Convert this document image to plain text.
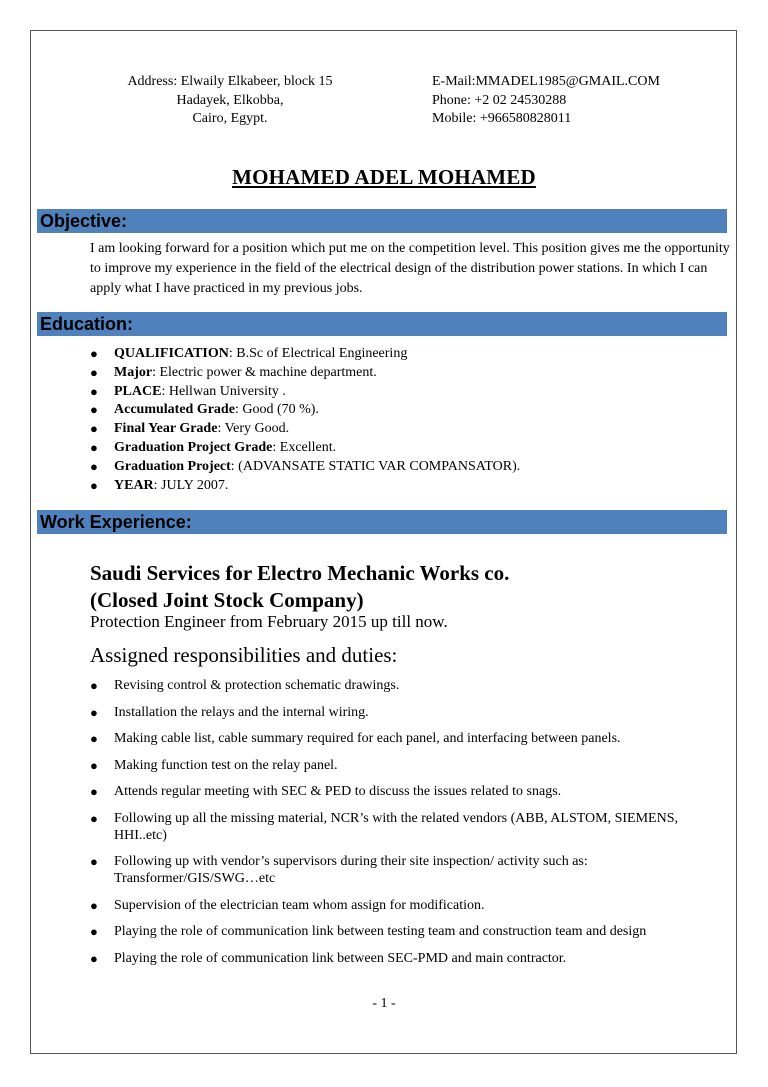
Address: Elwaily Elkabeer, block 15
Hadayek, Elkobba,
Cairo, Egypt.
E-Mail:MMADEL1985@GMAIL.COM
Phone: +2 02 24530288
Mobile: +966580828011
MOHAMED ADEL MOHAMED
Objective:
I am looking forward for a position which put me on the competition level. This position gives me the opportunity to improve my experience in the field of the electrical design of the distribution power stations. In which I can apply what I have practiced in my previous jobs.
Education:
● QUALIFICATION: B.Sc of Electrical Engineering
● Major: Electric power & machine department.
● PLACE: Hellwan University .
● Accumulated Grade: Good (70 %).
● Final Year Grade: Very Good.
● Graduation Project Grade: Excellent.
● Graduation Project: (ADVANSATE STATIC VAR COMPANSATOR).
● YEAR: JULY 2007.
Work Experience:
Saudi Services for Electro Mechanic Works co.
(Closed Joint Stock Company)
Protection Engineer from February 2015 up till now.
Assigned responsibilities and duties:
● Revising control & protection schematic drawings.
● Installation the relays and the internal wiring.
● Making cable list, cable summary required for each panel, and interfacing between panels.
● Making function test on the relay panel.
● Attends regular meeting with SEC & PED to discuss the issues related to snags.
● Following up all the missing material, NCR’s with the related vendors (ABB, ALSTOM, SIEMENS, HHI..etc)
● Following up with vendor’s supervisors during their site inspection/ activity such as: Transformer/GIS/SWG…etc
● Supervision of the electrician team whom assign for modification.
● Playing the role of communication link between testing team and construction team and design
● Playing the role of communication link between SEC-PMD and main contractor.
- 1 -
